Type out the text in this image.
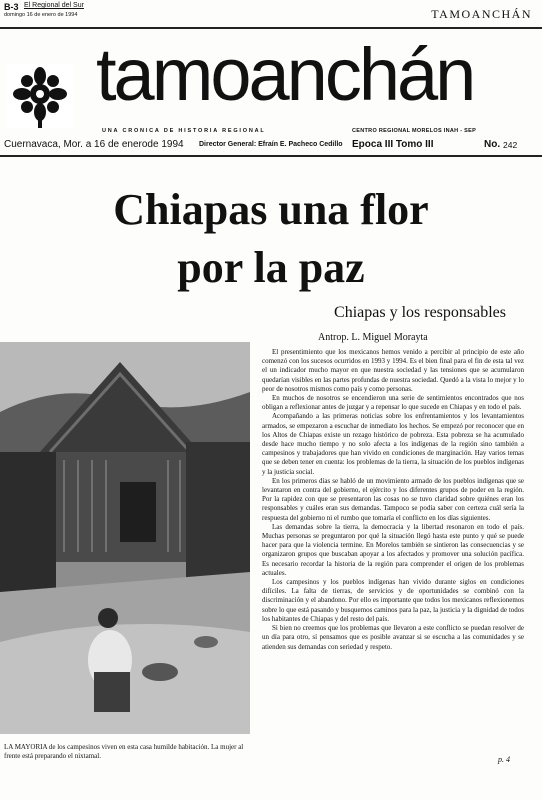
B-3 El Regional del Sur
domingo 16 de enero de 1994	TAMOANCHÁN
tamoanchán
UNA CRONICA DE HISTORIA REGIONAL	CENTRO REGIONAL MORELOS INAH - SEP
Cuernavaca, Mor. a 16 de enerode 1994 Director General: Efraín E. Pacheco Cedillo Epoca III Tomo III	No. 242
Chiapas una flor
por la paz
Chiapas y los responsables
Antrop. L. Miguel Morayta
LA MAYORIA de los campesinos viven en esta casa humilde habitación. La mujer al frente está preparando el nixtamal.

El presentimiento que los mexicanos hemos venido a percibir al principio de este año comenzó con los sucesos ocurridos en 1993 y 1994. Es el bien final para el fin de esta tal vez el un indicador mucho mayor en que nuestra sociedad y las tensiones que se acumularon quedarían visibles en las partes profundas de nuestra sociedad. Quedó a la vista lo mejor y lo peor de nosotros mismos como país y como personas.

En muchos de nosotros se encendieron una serie de sentimientos encontrados que nos obligan a reflexionar antes de juzgar y a repensar lo que sucede en Chiapas y en todo el país.

Acompañando a las primeras noticias sobre los enfrentamientos y los levantamientos armados, se empezaron a escuchar de inmediato los hechos. Se empezó por reconocer que en los Altos de Chiapas existe un rezago histórico de pobreza. Esta pobreza se ha acumulado desde hace mucho tiempo y no solo afecta a los indígenas de la región sino también a campesinos y trabajadores que han vivido en condiciones de marginación. Hay varios temas que se deben tener en cuenta: los problemas de la tierra, la situación de los pueblos indígenas y la justicia social.

En los primeros días se habló de un movimiento armado de los pueblos indígenas que se levantaron en contra del gobierno, el ejército y los diferentes grupos de poder en la región. Por la rapidez con que se presentaron las cosas no se tuvo claridad sobre quiénes eran los responsables y cuáles eran sus demandas. Tampoco se podía saber con certeza cuál sería la respuesta del gobierno ni el rumbo que tomaría el conflicto en los días siguientes.

Las demandas sobre la tierra, la democracia y la libertad resonaron en todo el país. Muchas personas se preguntaron por qué la situación llegó hasta este punto y qué se puede hacer para que la violencia termine. En Morelos también se sintieron las consecuencias y se organizaron grupos que buscaban apoyar a los afectados y promover una solución pacífica. Es necesario recordar la historia de la región para comprender el origen de los problemas actuales.

Los campesinos y los pueblos indígenas han vivido durante siglos en condiciones difíciles. La falta de tierras, de servicios y de oportunidades se combinó con la discriminación y el abandono. Por ello es importante que todos los mexicanos reflexionemos sobre lo que está pasando y busquemos caminos para la paz, la justicia y la dignidad de todos los habitantes de Chiapas y del resto del país.

Si bien no creemos que los problemas que llevaron a este conflicto se puedan resolver de un día para otro, sí pensamos que es posible avanzar si se escucha a las comunidades y se atienden sus demandas con seriedad y respeto.

p. 4
